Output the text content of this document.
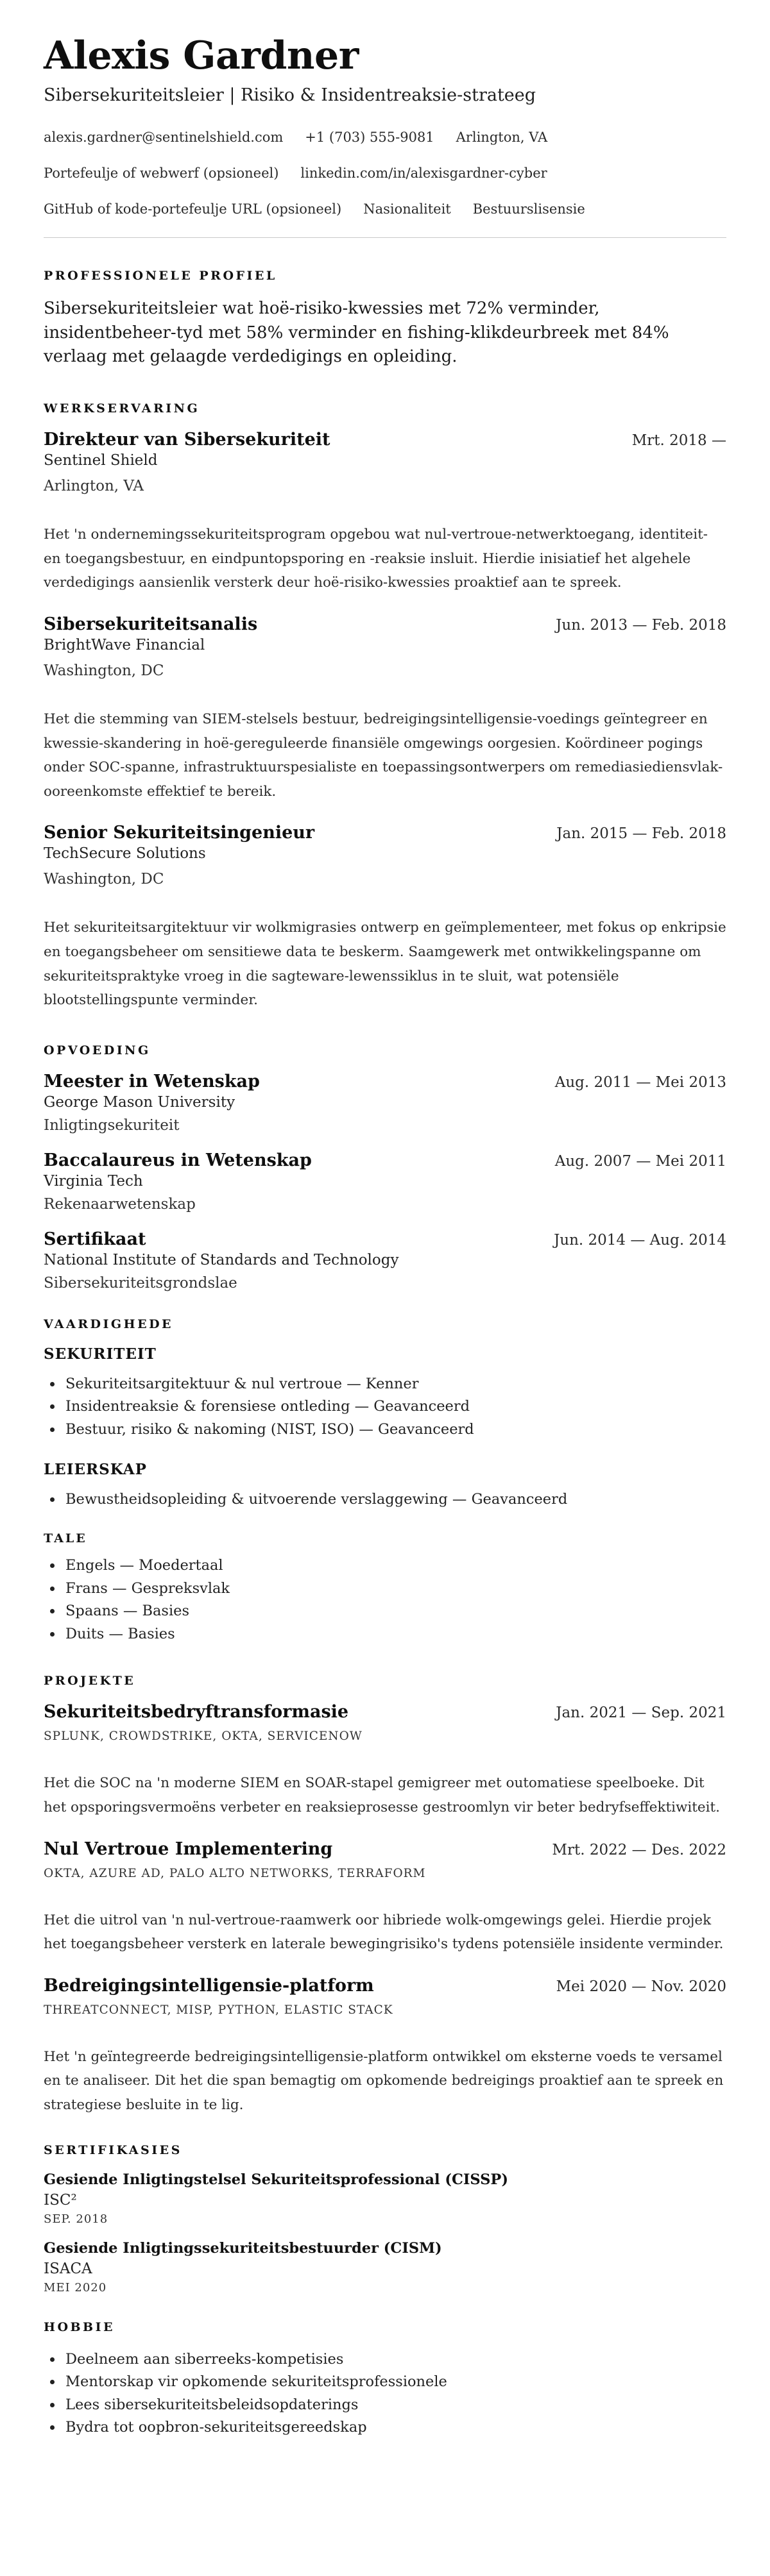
Alexis Gardner
Sibersekuriteitsleier | Risiko & Insidentreaksie-strateeg
alexis.gardner@sentinelshield.com +1 (703) 555-9081 Arlington, VA
Portefeulje of webwerf (opsioneel) linkedin.com/in/alexisgardner-cyber
GitHub of kode-portefeulje URL (opsioneel) Nasionaliteit Bestuurslisensie
PROFESSIONELE PROFIEL
Sibersekuriteitsleier wat hoë-risiko-kwessies met 72% verminder, insidentbeheer-tyd met 58% verminder en fishing-klikdeurbreek met 84% verlaag met gelaagde verdedigings en opleiding.
WERKSERVARING
Direkteur van Sibersekuriteit	Mrt. 2018 —
Sentinel Shield
Arlington, VA
Het 'n ondernemingssekuriteitsprogram opgebou wat nul-vertroue-netwerktoegang, identiteit- en toegangsbestuur, en eindpuntopsporing en -reaksie insluit. Hierdie inisiatief het algehele verdedigings aansienlik versterk deur hoë-risiko-kwessies proaktief aan te spreek.
Sibersekuriteitsanalis	Jun. 2013 — Feb. 2018
BrightWave Financial
Washington, DC
Het die stemming van SIEM-stelsels bestuur, bedreigingsintelligensie-voedings geïntegreer en kwessie-skandering in hoë-gereguleerde finansiële omgewings oorgesien. Koördineer pogings onder SOC-spanne, infrastruktuurspesialiste en toepassingsontwerpers om remediasiediensvlak-ooreenkomste effektief te bereik.
Senior Sekuriteitsingenieur	Jan. 2015 — Feb. 2018
TechSecure Solutions
Washington, DC
Het sekuriteitsargitektuur vir wolkmigrasies ontwerp en geïmplementeer, met fokus op enkripsie en toegangsbeheer om sensitiewe data te beskerm. Saamgewerk met ontwikkelingspanne om sekuriteitspraktyke vroeg in die sagteware-lewenssiklus in te sluit, wat potensiële blootstellingspunte verminder.
OPVOEDING
Meester in Wetenskap	Aug. 2011 — Mei 2013
George Mason University
Inligtingsekuriteit
Baccalaureus in Wetenskap	Aug. 2007 — Mei 2011
Virginia Tech
Rekenaarwetenskap
Sertifikaat	Jun. 2014 — Aug. 2014
National Institute of Standards and Technology
Sibersekuriteitsgrondslae
VAARDIGHEDE
SEKURITEIT
• Sekuriteitsargitektuur & nul vertroue — Kenner
• Insidentreaksie & forensiese ontleding — Geavanceerd
• Bestuur, risiko & nakoming (NIST, ISO) — Geavanceerd
LEIERSKAP
• Bewustheidsopleiding & uitvoerende verslaggewing — Geavanceerd
TALE
• Engels — Moedertaal
• Frans — Gespreksvlak
• Spaans — Basies
• Duits — Basies
PROJEKTE
Sekuriteitsbedryftransformasie	Jan. 2021 — Sep. 2021
SPLUNK, CROWDSTRIKE, OKTA, SERVICENOW
Het die SOC na 'n moderne SIEM en SOAR-stapel gemigreer met outomatiese speelboeke. Dit het opsporingsvermoëns verbeter en reaksieprosesse gestroomlyn vir beter bedryfseffektiwiteit.
Nul Vertroue Implementering	Mrt. 2022 — Des. 2022
OKTA, AZURE AD, PALO ALTO NETWORKS, TERRAFORM
Het die uitrol van 'n nul-vertroue-raamwerk oor hibriede wolk-omgewings gelei. Hierdie projek het toegangsbeheer versterk en laterale bewegingrisiko's tydens potensiële insidente verminder.
Bedreigingsintelligensie-platform	Mei 2020 — Nov. 2020
THREATCONNECT, MISP, PYTHON, ELASTIC STACK
Het 'n geïntegreerde bedreigingsintelligensie-platform ontwikkel om eksterne voeds te versamel en te analiseer. Dit het die span bemagtig om opkomende bedreigings proaktief aan te spreek en strategiese besluite in te lig.
SERTIFIKASIES
Gesiende Inligtingstelsel Sekuriteitsprofessional (CISSP)
ISC²
SEP. 2018
Gesiende Inligtingssekuriteitsbestuurder (CISM)
ISACA
MEI 2020
HOBBIE
• Deelneem aan siberreeks-kompetisies
• Mentorskap vir opkomende sekuriteitsprofessionele
• Lees sibersekuriteitsbeleidsopdaterings
• Bydra tot oopbron-sekuriteitsgereedskap
